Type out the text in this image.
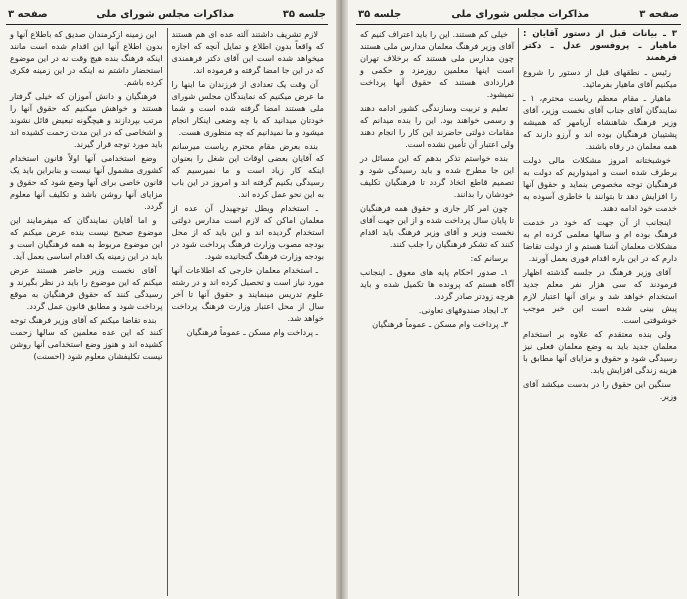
جلسه ۳۵
مذاکرات مجلس شورای ملی
صفحه ۳

لازم تشریف داشتند آلته عده ای هم هستند که واقعاً بدون اطلاع و تمایل آنچه که اجازه میخواهد شده است این آقای دکتر فرهمندی که در این جا امضا گرفته و فرموده اند.

آن وقت یک تعدادی از فرزندان ما اینها را ما عرض میکنیم که نمایندگان مجلس شورای ملی هستند امضا گرفته شده است و شما خودتان میدانید که با چه وضعی اینکار انجام میشود و ما نمیدانیم که چه منظوری هست.

بنده بعرض مقام محترم ریاست میرسانم که آقایان بعضی اوقات این شغل را بعنوان اینکه کار زیاد است و ما نمیرسیم که رسیدگی بکنیم گرفته اند و امروز در این باب به این نحو عمل کرده اند.

ـ استخدام وبطل توجهبدل آن عده از معلمان اماکن که لازم است مدارس دولتی استخدام گردیده اند و این باید که از محل بودجه مصوب وزارت فرهنگ پرداخت شود در بودجه وزارت فرهنگ گنجانیده شود.

ـ استخدام معلمان خارجی که اطلاعات آنها مورد نیاز است و تحصیل کرده اند و در رشته علوم تدریس مینمایند و حقوق آنها تا آخر سال از محل اعتبار وزارت فرهنگ پرداخت خواهد شد.

ـ پرداخت وام مسکن ـ عموماً فرهنگیان

این زمینه ازکرمندان صدیق که باطلاع آنها و بدون اطلاع آنها این اقدام شده است مانند اینکه فرهنگ بنده هیچ وقت نه در این موضوع استحضار داشتم نه اینکه در این زمینه فکری کرده باشم.

فرهنگیان و دانش آموزان که خیلی گرفتار هستند و خواهش میکنیم که حقوق آنها را مرتب بپردازند و هیچگونه تبعیض قائل نشوند و اشخاصی که در این مدت زحمت کشیده اند باید مورد توجه قرار گیرند.

وضع استخدامی آنها اولاً قانون استخدام کشوری مشمول آنها نیست و بنابراین باید یک قانون خاصی برای آنها وضع شود که حقوق و مزایای آنها روشن باشد و تکلیف آنها معلوم گردد.

و اما آقایان نمایندگان که میفرمایند این موضوع صحیح نیست بنده عرض میکنم که این موضوع مربوط به همه فرهنگیان است و باید در این زمینه یک اقدام اساسی بعمل آید.

آقای نخست وزیر حاضر هستند عرض میکنم که این موضوع را باید در نظر بگیرند و رسیدگی کنند که حقوق فرهنگیان به موقع پرداخت شود و مطابق قانون عمل گردد.

بنده تقاضا میکنم که آقای وزیر فرهنگ توجه کنند که این عده معلمین که سالها زحمت کشیده اند و هنوز وضع استخدامی آنها روشن نیست تکلیفشان معلوم شود (احسنت)

صفحه ۳
مذاکرات مجلس شورای ملی
جلسه ۳۵

۳ ـ بیانات قبل از دستور آقایان : ماهیار ـ پروفسور عدل ـ دکتر فرهمند

رئیس ـ نطقهای قبل از دستور را شروع میکنیم آقای ماهیار بفرمائید.

ماهیار ـ مقام معظم ریاست محترم، ۱ ـ نمایندگان آقای جناب آقای نخست وزیر، آقای وزیر فرهنگ شاهنشاه آریامهر که همیشه پشتیبان فرهنگیان بوده اند و آرزو دارند که همه معلمان در رفاه باشند.

خوشبختانه امروز مشکلات مالی دولت برطرف شده است و امیدواریم که دولت به فرهنگیان توجه مخصوص بنماید و حقوق آنها را افزایش دهد تا بتوانند با خاطری آسوده به خدمت خود ادامه دهند.

اینجانب از آن جهت که خود در خدمت فرهنگ بوده ام و سالها معلمی کرده ام به مشکلات معلمان آشنا هستم و از دولت تقاضا دارم که در این باره اقدام فوری بعمل آورند.

آقای وزیر فرهنگ در جلسه گذشته اظهار فرمودند که سی هزار نفر معلم جدید استخدام خواهد شد و برای آنها اعتبار لازم پیش بینی شده است این خبر موجب خوشوقتی است.

ولی بنده معتقدم که علاوه بر استخدام معلمان جدید باید به وضع معلمان فعلی نیز رسیدگی شود و حقوق و مزایای آنها مطابق با هزینه زندگی افزایش یابد.

سنگین این حقوق را در بدست میکشد آقای وزیر.

خیلی کم هستند. این را باید اعتراف کنیم که آقای وزیر فرهنگ معلمان مدارس ملی هستند چون مدارس ملی هستند که برخلاف تهران است اینها معلمین روزمزد و حکمی و قراردادی هستند که حقوق آنها پرداخت نمیشود.

تعلیم و تربیت وسازندگی کشور ادامه دهند و رسمی خواهند بود. این را بنده میدانم که مقامات دولتی حاضرند این کار را انجام دهند ولی اعتبار آن تأمین نشده است.

بنده خواستم تذکر بدهم که این مسائل در این جا مطرح شده و باید رسیدگی شود و تصمیم قاطع اتخاذ گردد تا فرهنگیان تکلیف خودشان را بدانند.

چون امر کار جاری و حقوق همه فرهنگیان تا پایان سال پرداخت شده و از این جهت آقای نخست وزیر و آقای وزیر فرهنگ باید اقدام کنند که تشکر فرهنگیان را جلب کنند.

برسانم که:

۱ـ صدور احکام پایه های معوق ـ اینجانب آگاه هستم که پرونده ها تکمیل شده و باید هرچه زودتر صادر گردد.

۲ـ ایجاد صندوقهای تعاونی.

۳ـ پرداخت وام مسکن ـ عموماً فرهنگیان
